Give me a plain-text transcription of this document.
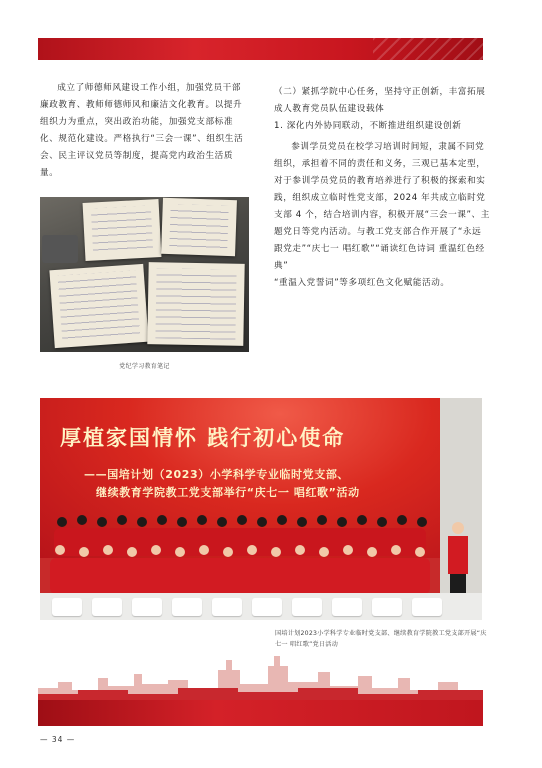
成立了师德师风建设工作小组，加强党员干部廉政教育、教师师德师风和廉洁文化教育。以提升组织力为重点，突出政治功能，加强党支部标准化、规范化建设。严格执行“三会一课”、组织生活会、民主评议党员等制度，提高党内政治生活质量。
党纪学习教育笔记
（二）紧抓学院中心任务，坚持守正创新，丰富拓展成人教育党员队伍建设载体
1. 深化内外协同联动，不断推进组织建设创新
参训学员党员在校学习培训时间短，隶属不同党组织，承担着不同的责任和义务，三观已基本定型，对于参训学员党员的教育培养进行了积极的探索和实践，组织成立临时性党支部，2024 年共成立临时党支部 4 个，结合培训内容，积极开展“三会一课”、主题党日等党内活动。与教工党支部合作开展了“永远跟党走”“庆七一 唱红歌”“诵读红色诗词 重温红色经典”
“重温入党誓词”等多项红色文化赋能活动。
厚植家国情怀 践行初心使命
——国培计划（2023）小学科学专业临时党支部、
继续教育学院教工党支部举行“庆七一 唱红歌”活动
国培计划2023小学科学专业临时党支部、继续教育学院教工党支部开展“庆七一 唱红歌”党日活动
— 34 —
